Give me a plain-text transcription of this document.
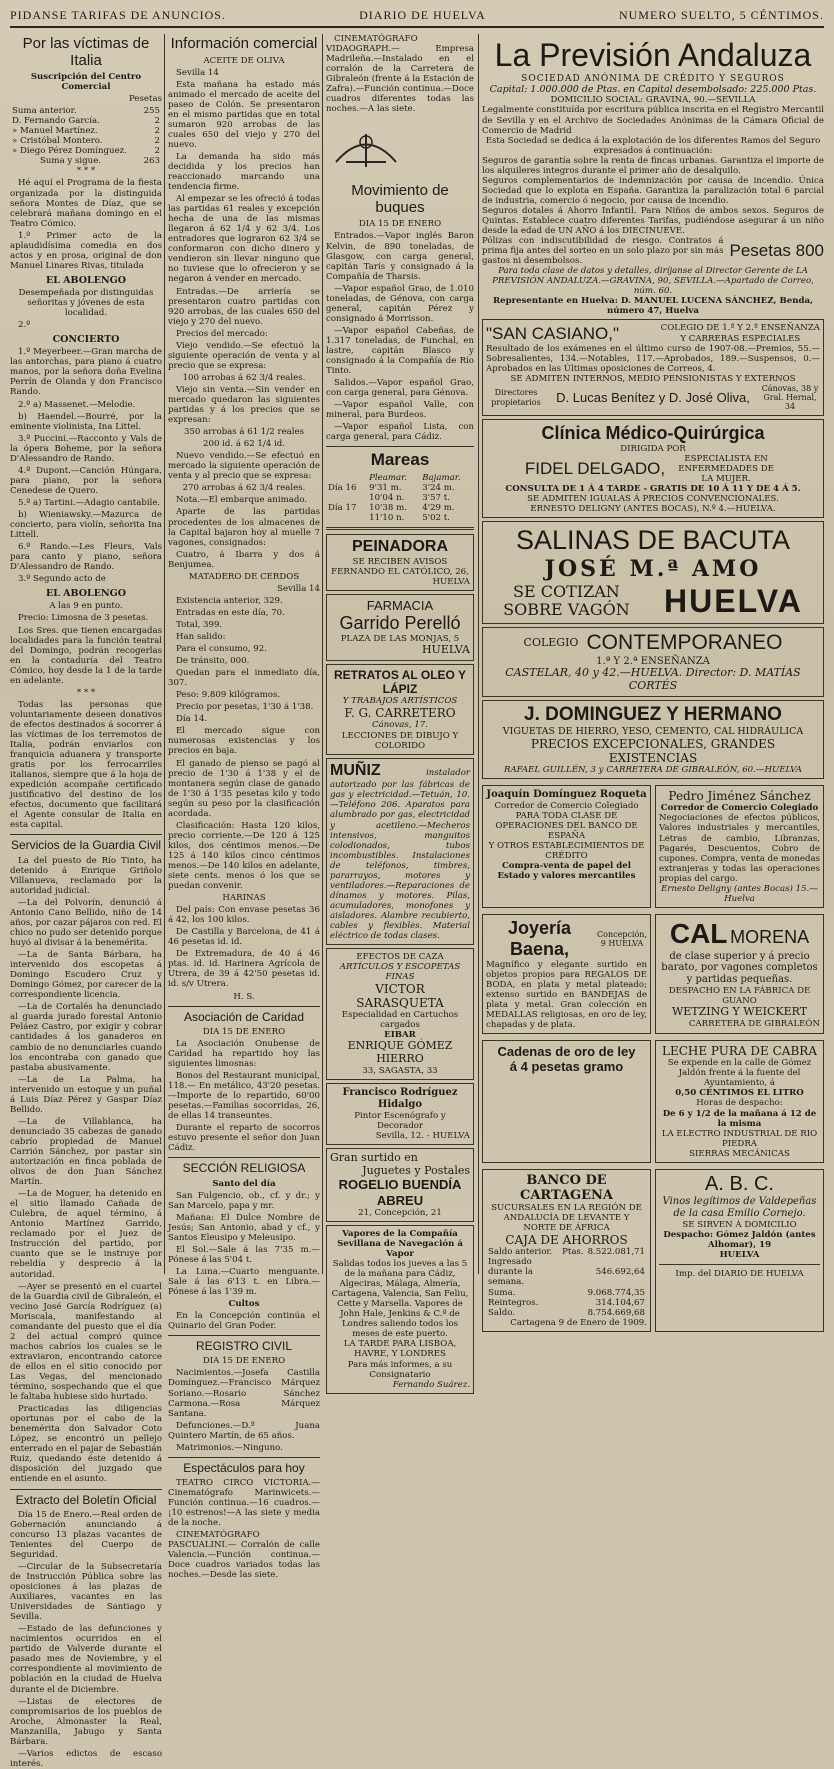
PIDANSE TARIFAS DE ANUNCIOS.	DIARIO DE HUELVA	NUMERO SUELTO, 5 CÉNTIMOS.
Por las víctimas de Italia

Suscripción del Centro Comercial

Pesetas

Suma anterior.	255
D. Fernando García.	2
» Manuel Martínez.	2
» Cristóbal Montero.	2
» Diego Pérez Domínguez.	2
Suma y sigue.	263

* * *

Hé aquí el Programa de la fiesta organizada por la distinguida señora Montes de Díaz, que se celebrará mañana domingo en el Teatro Cómico.

1.º Primer acto de la aplaudidísima comedia en dos actos y en prosa, original de don Manuel Linares Rivas, titulada

EL ABOLENGO

Desempeñada por distinguidas señoritas y jóvenes de esta localidad.

2.º

CONCIERTO

1.º Meyerbeer.—Gran marcha de las antorchas, para piano á cuatro manos, por la señora doña Evelina Perrín de Olanda y don Francisco Rando.

2.º a) Massenet.—Melodie.

b) Haendel.—Bourré, por la eminente violinista, Ina Littel.

3.º Puccini.—Racconto y Vals de la ópera Boheme, por la señora D'Alessandro de Rando.

4.º Dupont.—Canción Húngara, para piano, por la señora Cenedese de Quero.

5.º a) Tartini.—Adagio cantabile.

b) Wieniawsky.—Mazurca de concierto, para violín, señorita Ina Littell.

6.º Rando.—Les Fleurs, Vals para canto y piano, señora D'Alessandro de Rando.

3.º Segundo acto de

EL ABOLENGO

A las 9 en punto.

Precio: Limosna de 3 pesetas.

Los Sres. que tienen encargadas localidades para la función teatral del Domingo, podrán recogerlas en la contaduría del Teatro Cómico, hoy desde la 1 de la tarde en adelante.

* * *

Todas las personas que voluntariamente deseen donativos de efectos destinados á socorrer á las víctimas de los terremotos de Italia, podrán enviarlos con franquicia aduanera y transporte gratis por los ferrocarriles italianos, siempre que á la hoja de expedición acompañe certificado justificativo del destino de los efectos, documento que facilitará el Agente consular de Italia en esta capital.

Servicios de la Guardia Civil

La del puesto de Río Tinto, ha detenido á Enrique Griñolo Villanueva, reclamado por la autoridad judicial.

—La del Polvorín, denunció á Antonio Cano Bellido, niño de 14 años, por cazar pájaros con red. El chico no pudo ser detenido porque huyó al divisar á la benemérita.

—La de Santa Bárbara, ha intervenido dos escopetas á Domingo Escudero Cruz y Domingo Gómez, por carecer de la correspondiente licencia.

—La de Cortalés ha denunciado al guarda jurado forestal Antonio Peláez Castro, por exigir y cobrar cantidades á los ganaderos en cambio de no denunciarles cuando los encontraba con ganado que pastaba abusivamente.

—La de La Palma, ha intervenido un estoque y un puñal á Luis Díaz Pérez y Gaspar Díaz Bellido.

—La de Villablanca, ha denunciado 35 cabezas de ganado cabrío propiedad de Manuel Carrión Sánchez, por pastar sin autorización en finca poblada de olivos de don Juan Sánchez Martín.

—La de Moguer, ha detenido en el sitio llamado Cañada de Culebra, de aquel término, á Antonio Martínez Garrido, reclamado por el Juez de Instrucción del partido, por cuanto que se le instruye por rebeldía y desprecio á la autoridad.

—Ayer se presentó en el cuartel de la Guardia civil de Gibraleón, el vecino José García Rodríguez (a) Moriscala, manifestando al comandante del puesto que el día 2 del actual compró quince machos cabríos los cuales se le extraviaron, encontrando catorce de ellos en el sitio conocido por Las Vegas, del mencionado término, sospechando que el que le faltaba hubiese sido hurtado.

Practicadas las diligencias oportunas por el cabo de la benemérita don Salvador Coto López, se encontró un pellejo enterrado en el pajar de Sebastián Ruiz, quedando éste detenido á disposición del juzgado que entiende en el asunto.

Extracto del Boletín Oficial

Día 15 de Enero.—Real orden de Gobernación anunciando á concurso 13 plazas vacantes de Tenientes del Cuerpo de Seguridad.

—Circular de la Subsecretaría de Instrucción Pública sobre las oposiciones á las plazas de Auxiliares, vacantes en las Universidades de Santiago y Sevilla.

—Estado de las defunciones y nacimientos ocurridos en el partido de Valverde durante el pasado mes de Noviembre, y el correspondiente al movimiento de población en la ciudad de Huelva durante el de Diciembre.

—Listas de electores de compromisarios de los pueblos de Aroche, Almonaster la Real, Manzanilla, Jabugo y Santa Bárbara.

—Varios edictos de escaso interés.

Información comercial

ACEITE DE OLIVA

Sevilla 14

Esta mañana ha estado más animado el mercado de aceite del paseo de Colón. Se presentaron en el mismo partidas que en total sumaron 920 arrobas de las cuales 650 del viejo y 270 del nuevo.

La demanda ha sido más decidida y los precios han reaccionado marcando una tendencia firme.

Al empezar se les ofreció á todas las partidas 61 reales y excepción hecha de una de las mismas llegaron á 62 1/4 y 62 3/4. Los entradores que lograron 62 3/4 se conformaron con dicho dinero y vendieron sin llevar ninguno que no tuviese que lo ofrecieron y se negaron á vender en mercado.

Entradas.—De arriería se presentaron cuatro partidas con 920 arrobas, de las cuales 650 del viejo y 270 del nuevo.

Precios del mercado:

Viejo vendido.—Se efectuó la siguiente operación de venta y al precio que se expresa:

100 arrobas á 62 3/4 reales.

Viejo sin venta.—Sin vender en mercado quedaron las siguientes partidas y á los precios que se expresan:

350 arrobas á 61 1/2 reales

200 id. á 62 1/4 id.

Nuevo vendido.—Se efectuó en mercado la siguiente operación de venta y al precio que se expresa:

270 arrobas á 62 3/4 reales.

Nota.—El embarque animado.

Aparte de las partidas procedentes de los almacenes de la Capital bajaron hoy al muelle 7 vagones, consignados:

Cuatro, á Ibarra y dos á Benjumea.

MATADERO DE CERDOS

Sevilla 14

Existencia anterior, 329.

Entradas en este día, 70.

Total, 399.

Han salido:

Para el consumo, 92.

De tránsito, 000.

Quedan para el inmediato día, 307.

Peso: 9.809 kilógramos.

Precio por pesetas, 1'30 á 1'38.

Día 14.

El mercado sigue con numerosas existencias y los precios en baja.

El ganado de pienso se pagó al precio de 1'30 á 1'38 y el de montanera según clase de ganado de 1'30 á 1'35 pesetas kilo y todo según su peso por la clasificación acordada.

Clasificación: Hasta 120 kilos, precio corriente.—De 120 á 125 kilos, dos céntimos menos.—De 125 á 140 kilos cinco céntimos menos.—De 140 kilos en adelante, siete cents. menos ó los que se puedan convenir.

HARINAS

Del país: Con envase pesetas 36 á 42, los 100 kilos.

De Castilla y Barcelona, de 41 á 46 pesetas id. id.

De Extremadura, de 40 á 46 ptas. id. id. Harinera Agrícola de Utrera, de 39 á 42'50 pesetas id. id. s/v Utrera.

H. S.

Asociación de Caridad

DIA 15 DE ENERO

La Asociación Onubense de Caridad ha repartido hoy las siguientes limosnas:

Bonos del Restaurant municipal, 118.— En metálico, 43'20 pesetas.—Importe de lo repartido, 60'00 pesetas.—Familias socorridas, 26, de ellas 14 transeuntes.

Durante el reparto de socorros estuvo presente el señor don Juan Cádiz.

SECCIÓN RELIGIOSA

Santo del día

San Fulgencio, ob., cf. y dr.; y San Marcelo, papa y mr.

Mañana: El Dulce Nombre de Jesús; San Antonio, abad y cf., y Santos Eleusipo y Meleusipo.

El Sol.—Sale á las 7'35 m.—Pónese á las 5'04 t.

La Luna.—Cuarto menguante. Sale á las 6'13 t. en Libra.—Pónese á las 1'39 m.

Cultos

En la Concepción continúa el Quinario del Gran Poder.

REGISTRO CIVIL

DIA 15 DE ENERO

Nacimientos.—Josefa Castilla Domínguez.—Francisco Márquez Soriano.—Rosario Sánchez Carmona.—Rosa Márquez Santana.

Defunciones.—D.ª Juana Quintero Martín, de 65 años.

Matrimonios.—Ninguno.

Espectáculos para hoy

TEATRO CIRCO VICTORIA.—Cinematógrafo Marinwicets.—Función continua.—16 cuadros.—¡10 estrenos!—A las siete y media de la noche.

CINEMATÓGRAFO PASCUALINI.— Corralón de calle Valencia.—Función continua.—Doce cuadros variados todas las noches.—Desde las siete.

CINEMATÓGRAFO VIDAOGRAPH.— Empresa Madrileña.—Instalado en el corralón de la Carretera de Gibraleón (frente á la Estación de Zafra).—Función continua.—Doce cuadros diferentes todas las noches.—A las siete.

Movimiento de buques

DIA 15 DE ENERO

Entrados.—Vapor inglés Baron Kelvin, de 890 toneladas, de Glasgow, con carga general, capitán Tarís y consignado á la Compañía de Tharsis.

—Vapor español Grao, de 1.010 toneladas, de Génova, con carga general, capitán Pérez y consignado á Morrisson.

—Vapor español Cabeñas, de 1.317 toneladas, de Funchal, en lastre, capitán Blasco y consignado á la Compañía de Río Tinto.

Salidos.—Vapor español Grao, con carga general, para Génova.

—Vapor español Valle, con mineral, para Burdeos.

—Vapor español Lista, con carga general, para Cádiz.

Mareas
	Pleamar.	Bajamar.
Día 16	9'31 m.	3'24 m.
	10'04 n.	3'57 t.
Día 17	10'38 m.	4'29 m.
	11'10 n.	5'02 t.
PEINADORA
SE RECIBEN AVISOS
FERNANDO EL CATÓLICO, 26,
HUELVA
FARMACIA
Garrido Perelló
PLAZA DE LAS MONJAS, 5
HUELVA
RETRATOS AL OLEO Y LÁPIZ
Y TRABAJOS ARTÍSTICOS
F. G. CARRETERO
Cánovas, 17.
LECCIONES DE DIBUJO Y COLORIDO
MUÑIZ	instalador autorizado por las fábricas de gas y electricidad.—Tetuán, 10.—Teléfono 206. Aparatos para alumbrado por gas, electricidad y acetileno.—Mecheros intensivos, manguitos colodionados, tubos incombustibles. Instalaciones de teléfonos, timbres, pararrayos, motores y ventiladores.—Reparaciones de dínamos y motores. Pilas, acumuladores, monofones y aisladores. Alambre recubierto, cables y flexibles. Material eléctrico de todas clases.
EFECTOS DE CAZA
ARTÍCULOS Y ESCOPETAS FINAS
VICTOR SARASQUETA
Especialidad en Cartuchos cargados
EIBAR
ENRIQUE GÓMEZ HIERRO
33, SAGASTA, 33
Francisco Rodríguez Hidalgo
Pintor Escenógrafo y Decorador
Sevilla, 12. - HUELVA
Gran surtido en
Juguetes y Postales
ROGELIO BUENDÍA ABREU
21, Concepción, 21
Vapores de la Compañía Sevillana de Navegación á Vapor
Salidas todos los jueves a las 5 de la mañana para Cádiz, Algeciras, Málaga, Almería, Cartagena, Valencia, San Feliu, Cette y Marsella. Vapores de John Hale, Jenkins & C.º de Londres saliendo todos los meses de este puerto.
LA TARDE PARA LISBOA, HAVRE, Y LONDRES
Para más informes, a su Consignatario
Fernando Suárez.
La Previsión Andaluza
SOCIEDAD ANÓNIMA DE CRÉDITO Y SEGUROS
Capital: 1.000.000 de Ptas. en Capital desembolsado: 225.000 Ptas.
DOMICILIO SOCIAL: GRAVINA, 90.—SEVILLA
Legalmente constituída por escritura pública inscrita en el Registro Mercantil de Sevilla y en el Archivo de Sociedades Anónimas de la Cámara Oficial de Comercio de Madrid
Esta Sociedad se dedica á la explotación de los diferentes Ramos del Seguro expresados á continuación:
Seguros de garantía sobre la renta de fincas urbanas. Garantiza el importe de los alquileres integros durante el primer año de desalquilo.
Seguros complementarios de indemnización por causa de incendio. Única Sociedad que lo explota en España. Garantiza la paralización total 6 parcial de industria, comercio ó negocio, por causa de incendio.
Seguros dotales á Ahorro Infantil. Para Niños de ambos sexos. Seguros de Quintas. Establece cuatro diferentes Tarifas, pudiéndose asegurar á un niño desde la edad de UN AÑO á los DIECINUEVE.
Pólizas con indiscutibilidad de riesgo. Contratos á prima fija antes del sorteo en un solo plazo por sin más gastos ni desembolsos.
Pesetas 800
Para toda clase de datos y detalles, diríjanse al Director Gerente de LA PREVISIÓN ANDALUZA.—GRAVINA, 90, SEVILLA.—Apartado de Correo, núm. 60.
Representante en Huelva: D. MANUEL LUCENA SÁNCHEZ, Benda, número 47, Huelva
"SAN CASIANO,"	COLEGIO DE 1.ª Y 2.ª ENSEÑANZA
Y CARRERAS ESPECIALES
Resultado de los exámenes en el último curso de 1907-08.—Premios, 55.—Sobresalientes, 134.—Notables, 117.—Aprobados, 189.—Suspensos, 0.—Aprobados en las Últimas oposiciones de Correos, 4.
SE ADMITEN INTERNOS, MEDIO PENSIONISTAS Y EXTERNOS
Directores propietarios	D. Lucas Benítez y D. José Oliva,
Cánovas, 38 y Gral. Hernal, 34
Clínica Médico-Quirúrgica
DIRIGIDA POR
FIDEL DELGADO,
ESPECIALISTA EN ENFERMEDADES DE LA MUJER.
CONSULTA DE 1 Á 4 TARDE - GRATIS DE 10 Á 11 Y DE 4 Á 5.
SE ADMITEN IGUALAS Á PRECIOS CONVENCIONALES.
ERNESTO DELIGNY (ANTES BOCAS), N.º 4.—HUELVA.
SALINAS DE BACUTA
JOSÉ M.ª AMO
SE COTIZAN
SOBRE VAGÓN HUELVA
COLEGIO CONTEMPORANEO
1.ª Y 2.ª ENSEÑANZA
CASTELAR, 40 y 42.—HUELVA. Director: D. MATÍAS CORTÉS
J. DOMINGUEZ Y HERMANO
VIGUETAS DE HIERRO, YESO, CEMENTO, CAL HIDRÁULICA
PRECIOS EXCEPCIONALES, GRANDES EXISTENCIAS
RAFAEL GUILLÉN, 3 y CARRETERA DE GIBRALEÓN, 60.—HUELVA
Joaquín Domínguez Roqueta
Corredor de Comercio Colegiado
PARA TODA CLASE DE OPERACIONES DEL BANCO DE ESPAÑA
Y OTROS ESTABLECIMIENTOS DE CRÉDITO
Compra-venta de papel del Estado y valores mercantiles
Pedro Jiménez Sánchez
Corredor de Comercio Colegiado
Negociaciones de efectos públicos, Valores industriales y mercantiles, Letras de cambio, Libranzas, Pagarés, Descuentos, Cobro de cupones. Compra, venta de monedas extranjeras y todas las operaciones propias del cargo.
Ernesto Deligny (antes Bocas) 15.—Huelva
Joyería Baena,
Concepción, 9 HUELVA
Magnífico y elegante surtido en objetos propios para REGALOS DE BODA, en plata y metal plateado; extenso surtido en BANDEJAS de plata y metal. Gran colección en MEDALLAS religiosas, en oro de ley, chapadas y de plata.
CAL MORENA
de clase superior y á precio barato, por vagones completos y partidas pequeñas.
DESPACHO EN LA FÁBRICA DE GUANO
WETZING Y WEICKERT
CARRETERA DE GIBRALEÓN
Cadenas de oro de ley
á 4 pesetas gramo
LECHE PURA DE CABRA
Se expende en la calle de Gómez Jaldón frente á la fuente del Ayuntamiento, á
0,50 CÉNTIMOS EL LITRO
Horas de despacho:
De 6 y 1/2 de la mañana á 12 de la misma
LA ELECTRO INDUSTRIAL DE RIO PIEDRA
SIERRAS MECÁNICAS
BANCO DE CARTAGENA
SUCURSALES EN LA REGIÓN DE ANDALUCÍA DE LEVANTE Y NORTE DE ÁFRICA
CAJA DE AHORROS
Saldo anterior.	Ptas.	8.522.081,71
Ingresado durante la semana.		546.692,64
Suma.		9.068.774,35
Reintegros.		314.104,67
Saldo.		8.754.669,68
Cartagena 9 de Enero de 1909.
A. B. C.
Vinos legítimos de Valdepeñas de la casa Emilio Cornejo.
SE SIRVEN Á DOMICILIO
Despacho: Gómez Jaldón (antes Alhomar), 19
HUELVA
Imp. del DIARIO DE HUELVA
